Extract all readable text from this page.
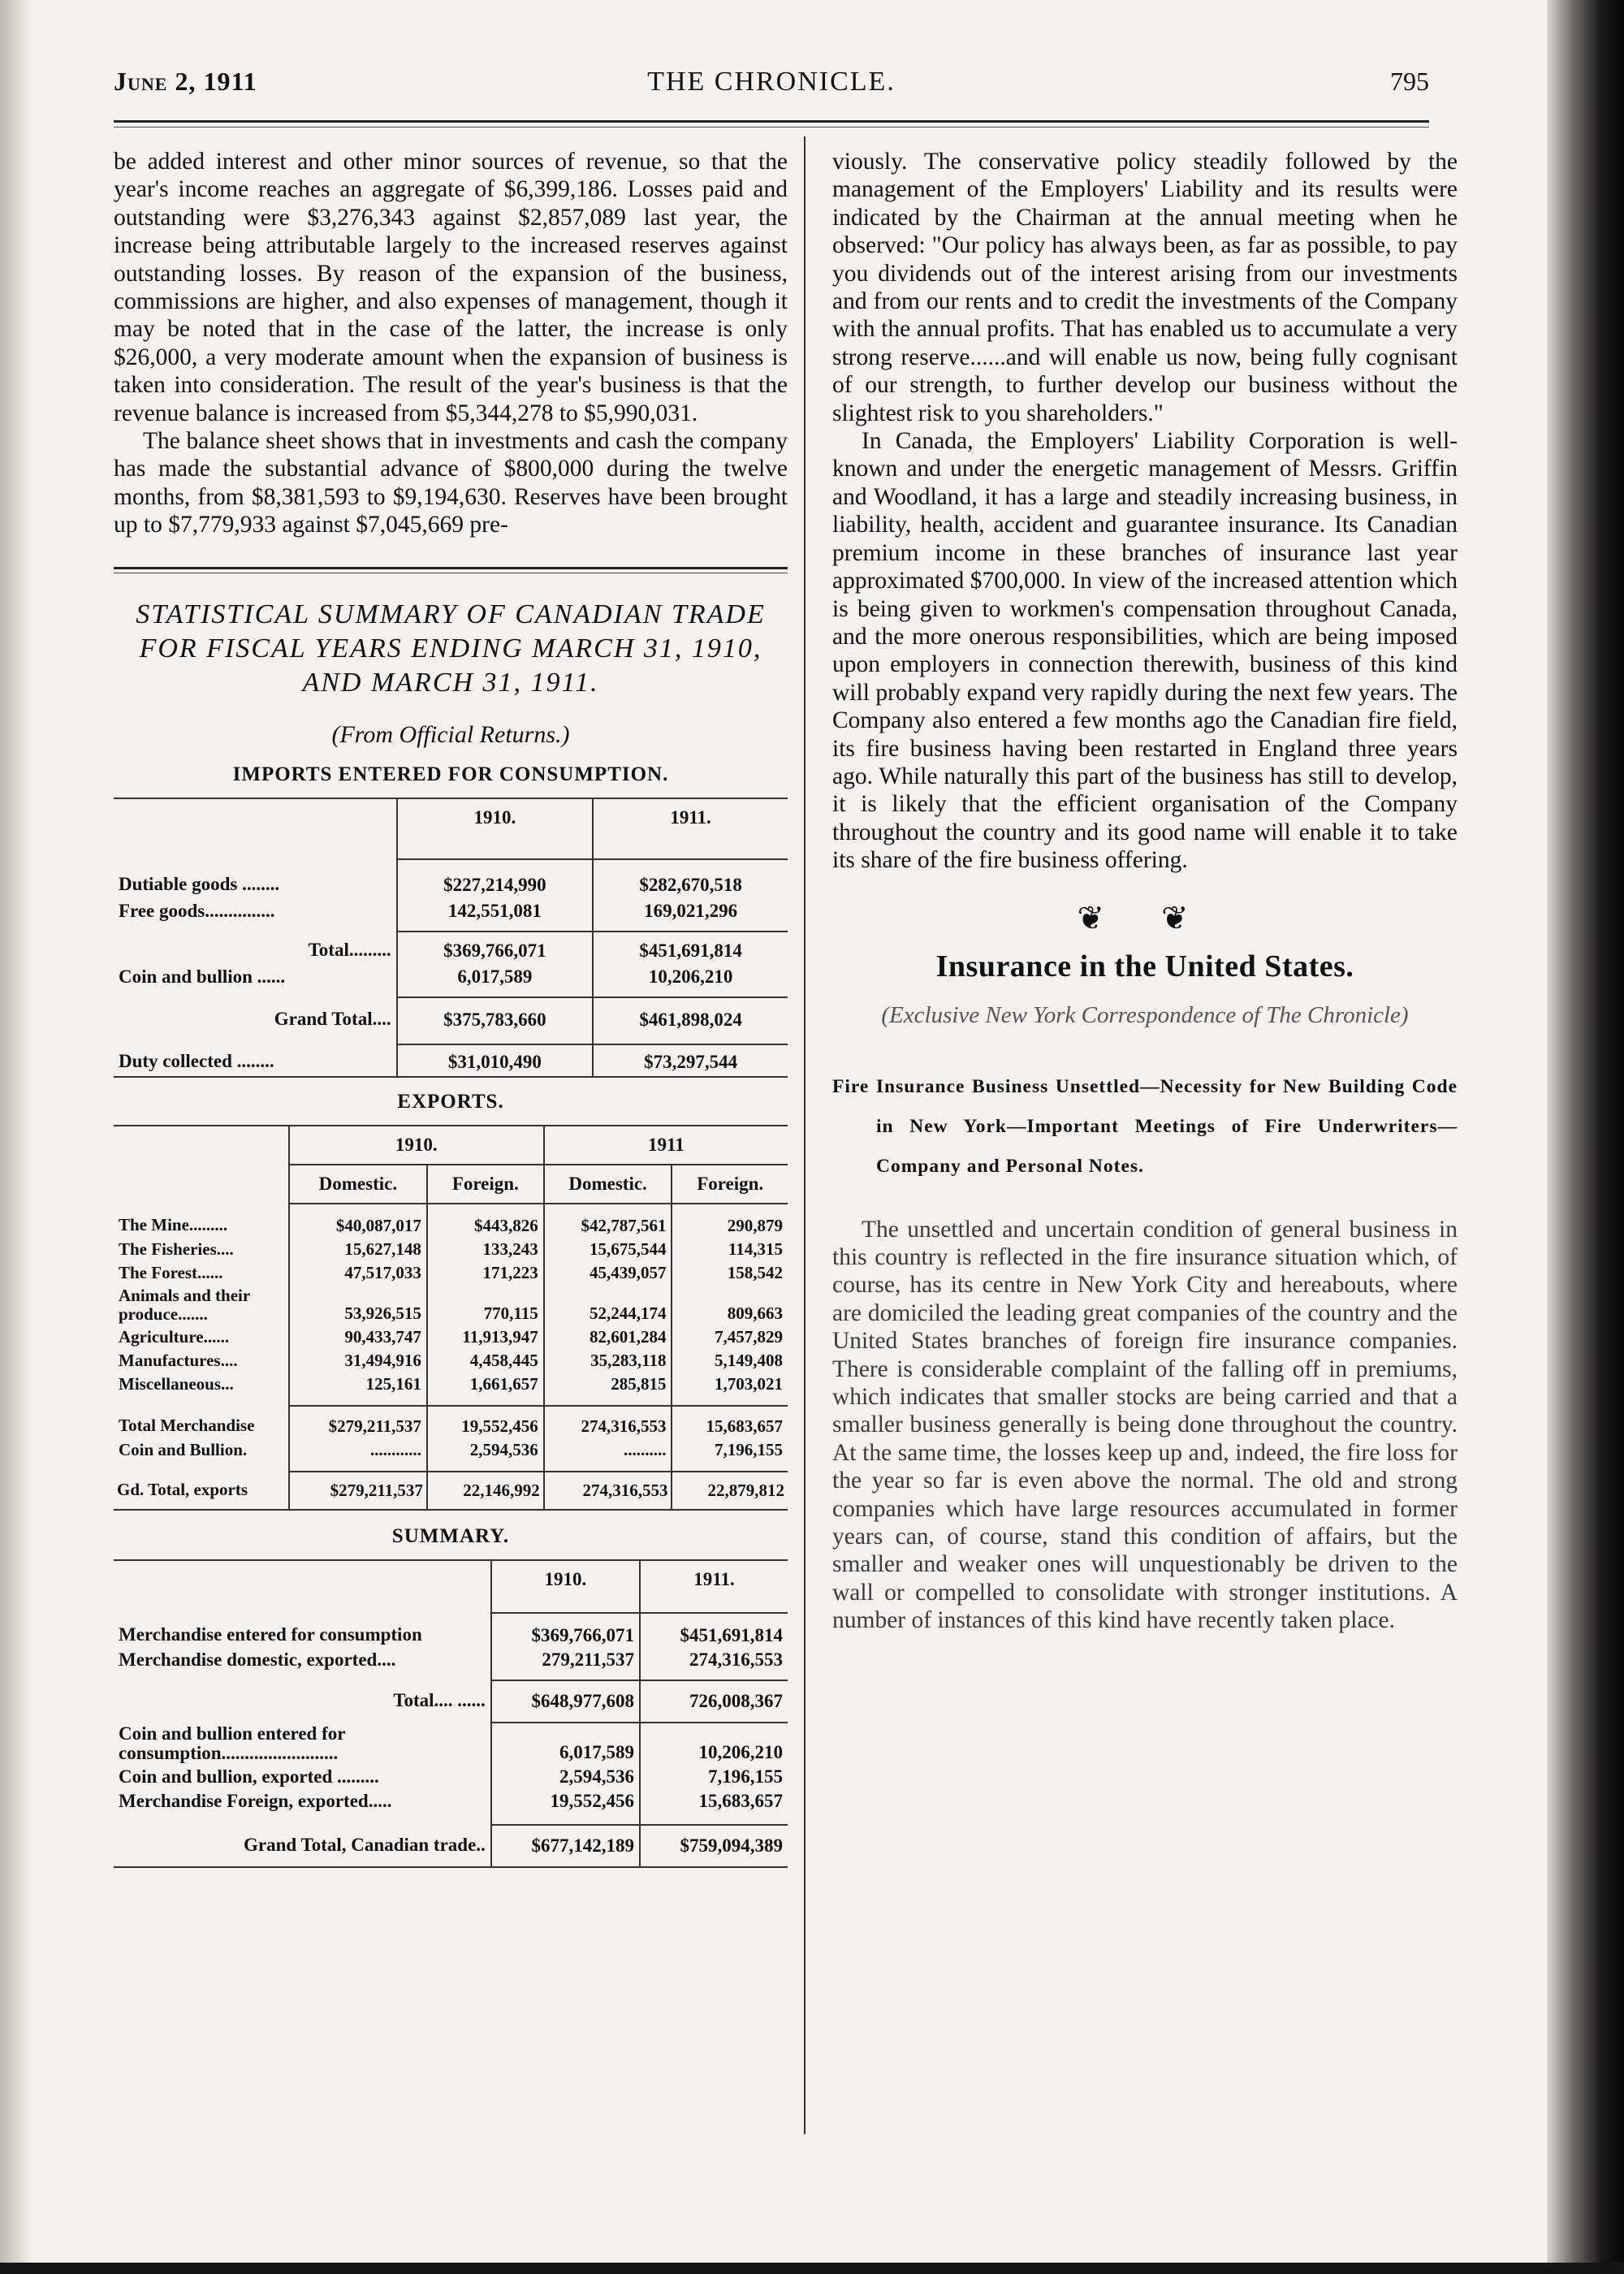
June 2, 1911	THE CHRONICLE.	795

be added interest and other minor sources of revenue, so that the year's income reaches an aggregate of $6,399,186. Losses paid and outstanding were $3,276,343 against $2,857,089 last year, the increase being attributable largely to the increased reserves against outstanding losses. By reason of the expansion of the business, commissions are higher, and also expenses of management, though it may be noted that in the case of the latter, the increase is only $26,000, a very moderate amount when the expansion of business is taken into consideration. The result of the year's business is that the revenue balance is increased from $5,344,278 to $5,990,031.

The balance sheet shows that in investments and cash the company has made the substantial advance of $800,000 during the twelve months, from $8,381,593 to $9,194,630. Reserves have been brought up to $7,779,933 against $7,045,669 pre-

STATISTICAL SUMMARY OF CANADIAN TRADE FOR FISCAL YEARS ENDING MARCH 31, 1910, AND MARCH 31, 1911.
(From Official Returns.)
IMPORTS ENTERED FOR CONSUMPTION.
	1910.	1911.
Dutiable goods ........	$227,214,990	$282,670,518
Free goods...............	142,551,081	169,021,296
Total.........	$369,766,071	$451,691,814
Coin and bullion ......	6,017,589	10,206,210
Grand Total....	$375,783,660	$461,898,024
Duty collected ........	$31,010,490	$73,297,544
EXPORTS.
	1910.		1911	
	Domestic.	Foreign.	Domestic.	Foreign.
The Mine.........	$40,087,017	$443,826	$42,787,561	290,879
The Fisheries....	15,627,148	133,243	15,675,544	114,315
The Forest......	47,517,033	171,223	45,439,057	158,542
Animals and their produce.......	53,926,515	770,115	52,244,174	809,663
Agriculture......	90,433,747	11,913,947	82,601,284	7,457,829
Manufactures....	31,494,916	4,458,445	35,283,118	5,149,408
Miscellaneous...	125,161	1,661,657	285,815	1,703,021
Total Merchandise	$279,211,537	19,552,456	274,316,553	15,683,657
Coin and Bullion.	............	2,594,536	..........	7,196,155
Gd. Total, exports	$279,211,537	22,146,992	274,316,553	22,879,812
SUMMARY.
	1910.	1911.
Merchandise entered for consumption	$369,766,071	$451,691,814
Merchandise domestic, exported....	279,211,537	274,316,553
Total.... ......	$648,977,608	726,008,367
Coin and bullion entered for consumption.........................	6,017,589	10,206,210
Coin and bullion, exported .........	2,594,536	7,196,155
Merchandise Foreign, exported.....	19,552,456	15,683,657
Grand Total, Canadian trade..	$677,142,189	$759,094,389

viously. The conservative policy steadily followed by the management of the Employers' Liability and its results were indicated by the Chairman at the annual meeting when he observed: "Our policy has always been, as far as possible, to pay you dividends out of the interest arising from our investments and from our rents and to credit the investments of the Company with the annual profits. That has enabled us to accumulate a very strong reserve......and will enable us now, being fully cognisant of our strength, to further develop our business without the slightest risk to you shareholders."

In Canada, the Employers' Liability Corporation is well-known and under the energetic management of Messrs. Griffin and Woodland, it has a large and steadily increasing business, in liability, health, accident and guarantee insurance. Its Canadian premium income in these branches of insurance last year approximated $700,000. In view of the increased attention which is being given to workmen's compensation throughout Canada, and the more onerous responsibilities, which are being imposed upon employers in connection therewith, business of this kind will probably expand very rapidly during the next few years. The Company also entered a few months ago the Canadian fire field, its fire business having been restarted in England three years ago. While naturally this part of the business has still to develop, it is likely that the efficient organisation of the Company throughout the country and its good name will enable it to take its share of the fire business offering.

❦ ❦
Insurance in the United States.
(Exclusive New York Correspondence of The Chronicle)
Fire Insurance Business Unsettled—Necessity for New Building Code in New York—Important Meetings of Fire Underwriters—Company and Personal Notes.

The unsettled and uncertain condition of general business in this country is reflected in the fire insurance situation which, of course, has its centre in New York City and hereabouts, where are domiciled the leading great companies of the country and the United States branches of foreign fire insurance companies. There is considerable complaint of the falling off in premiums, which indicates that smaller stocks are being carried and that a smaller business generally is being done throughout the country. At the same time, the losses keep up and, indeed, the fire loss for the year so far is even above the normal. The old and strong companies which have large resources accumulated in former years can, of course, stand this condition of affairs, but the smaller and weaker ones will unquestionably be driven to the wall or compelled to consolidate with stronger institutions. A number of instances of this kind have recently taken place.
